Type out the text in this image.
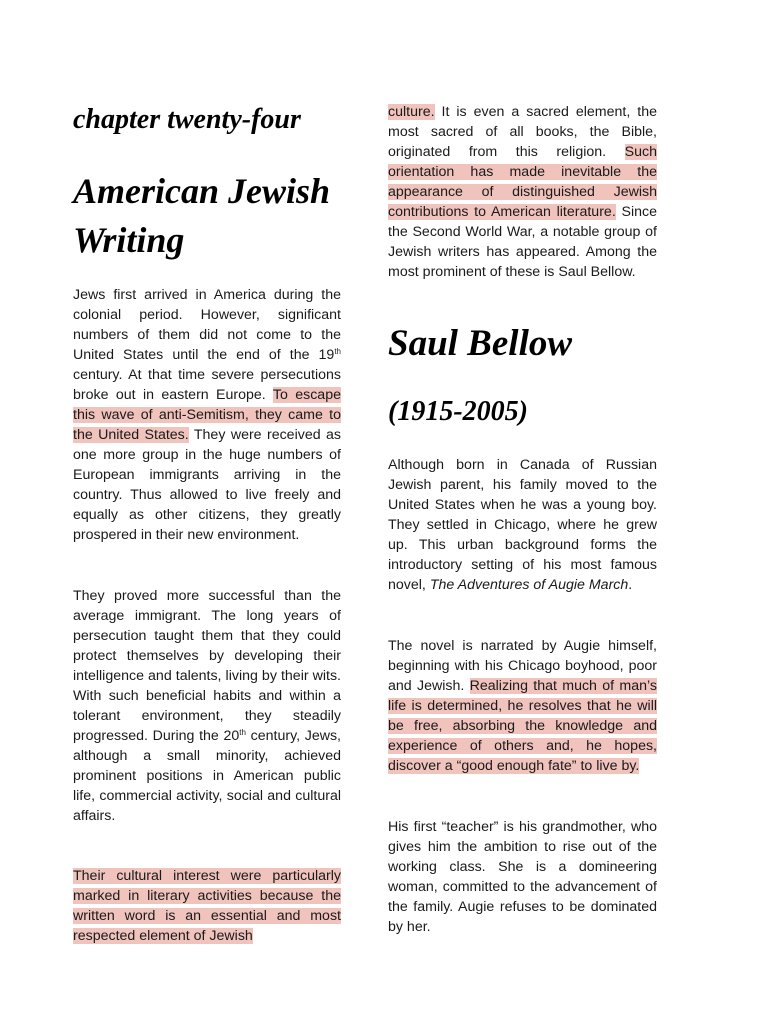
chapter twenty-four
American Jewish Writing

Jews first arrived in America during the colonial period. However, significant numbers of them did not come to the United States until the end of the 19th century. At that time severe persecutions broke out in eastern Europe. To escape this wave of anti-Semitism, they came to the United States. They were received as one more group in the huge numbers of European immigrants arriving in the country. Thus allowed to live freely and equally as other citizens, they greatly prospered in their new environment.

They proved more successful than the average immigrant. The long years of persecution taught them that they could protect themselves by developing their intelligence and talents, living by their wits. With such beneficial habits and within a tolerant environment, they steadily progressed. During the 20th century, Jews, although a small minority, achieved prominent positions in American public life, commercial activity, social and cultural affairs.

Their cultural interest were particularly marked in literary activities because the written word is an essential and most respected element of Jewish

culture. It is even a sacred element, the most sacred of all books, the Bible, originated from this religion. Such orientation has made inevitable the appearance of distinguished Jewish contributions to American literature. Since the Second World War, a notable group of Jewish writers has appeared. Among the most prominent of these is Saul Bellow.

Saul Bellow
(1915-2005)

Although born in Canada of Russian Jewish parent, his family moved to the United States when he was a young boy. They settled in Chicago, where he grew up. This urban background forms the introductory setting of his most famous novel, The Adventures of Augie March.

The novel is narrated by Augie himself, beginning with his Chicago boyhood, poor and Jewish. Realizing that much of man’s life is determined, he resolves that he will be free, absorbing the knowledge and experience of others and, he hopes, discover a “good enough fate” to live by.

His first “teacher” is his grandmother, who gives him the ambition to rise out of the working class. She is a domineering woman, committed to the advancement of the family. Augie refuses to be dominated by her.
